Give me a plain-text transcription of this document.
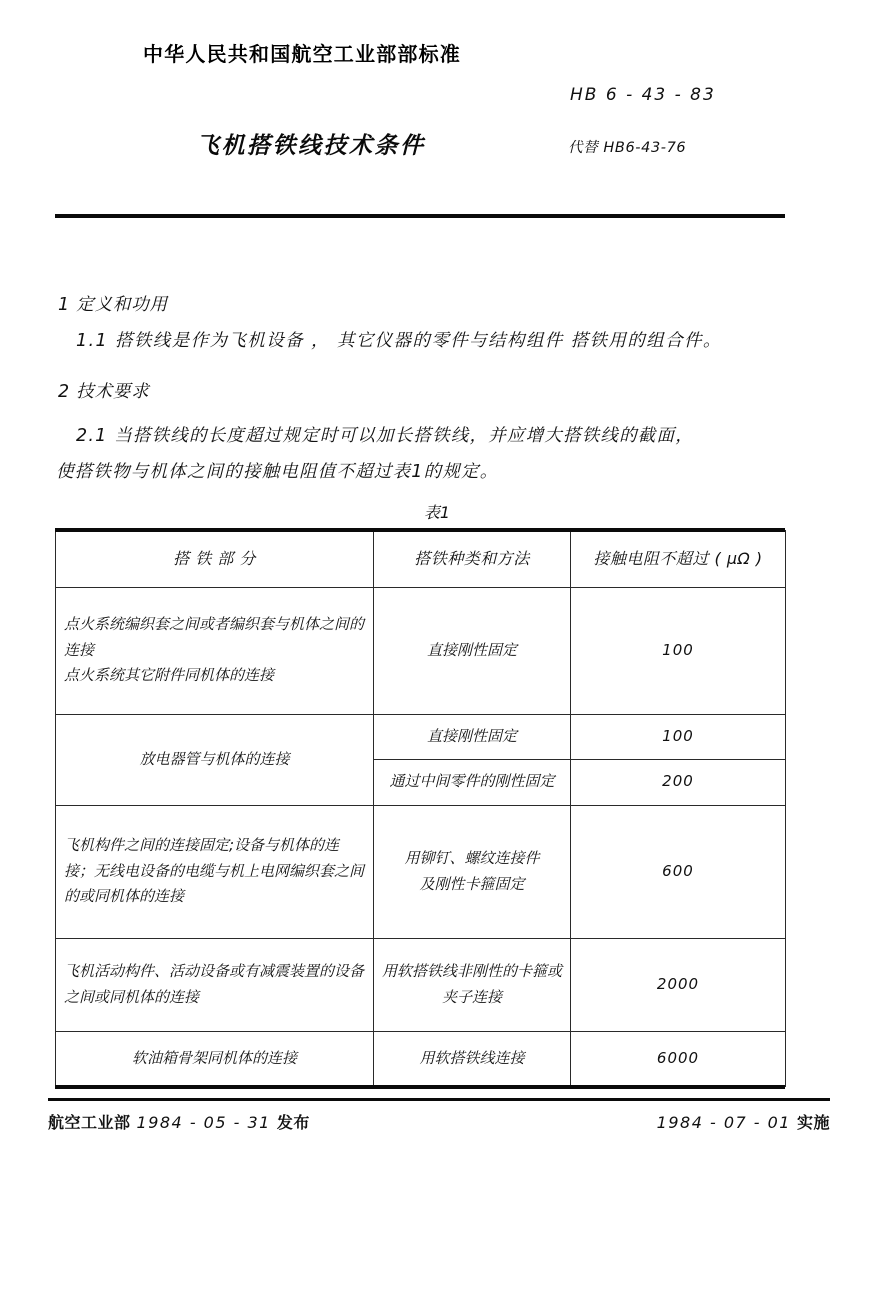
中华人民共和国航空工业部部标准
HB 6 - 43 - 83
飞机搭铁线技术条件	代替 HB6-43-76
1 定义和功用
1.1 搭铁线是作为飞机设备 ， 其它仪器的零件与结构组件 搭铁用的组合件。
2 技术要求
2.1 当搭铁线的长度超过规定时可以加长搭铁线，并应增大搭铁线的截面，
使搭铁物与机体之间的接触电阻值不超过表1的规定。
表1
搭 铁 部 分	搭铁种类和方法	接触电阻不超过 ( μΩ )
点火系统编织套之间或者编织套与机体之间的连接
点火系统其它附件同机体的连接	直接刚性固定	100
放电器管与机体的连接	直接刚性固定	100
	通过中间零件的刚性固定	200
飞机构件之间的连接固定;设备与机体的连接；无线电设备的电缆与机上电网编织套之间的或同机体的连接	用铆钉、螺纹连接件
及刚性卡箍固定	600
飞机活动构件、活动设备或有减震装置的设备之间或同机体的连接	用软搭铁线非刚性的卡箍或夹子连接	2000
软油箱骨架同机体的连接	用软搭铁线连接	6000
航空工业部 1984 - 05 - 31 发布	1984 - 07 - 01 实施
